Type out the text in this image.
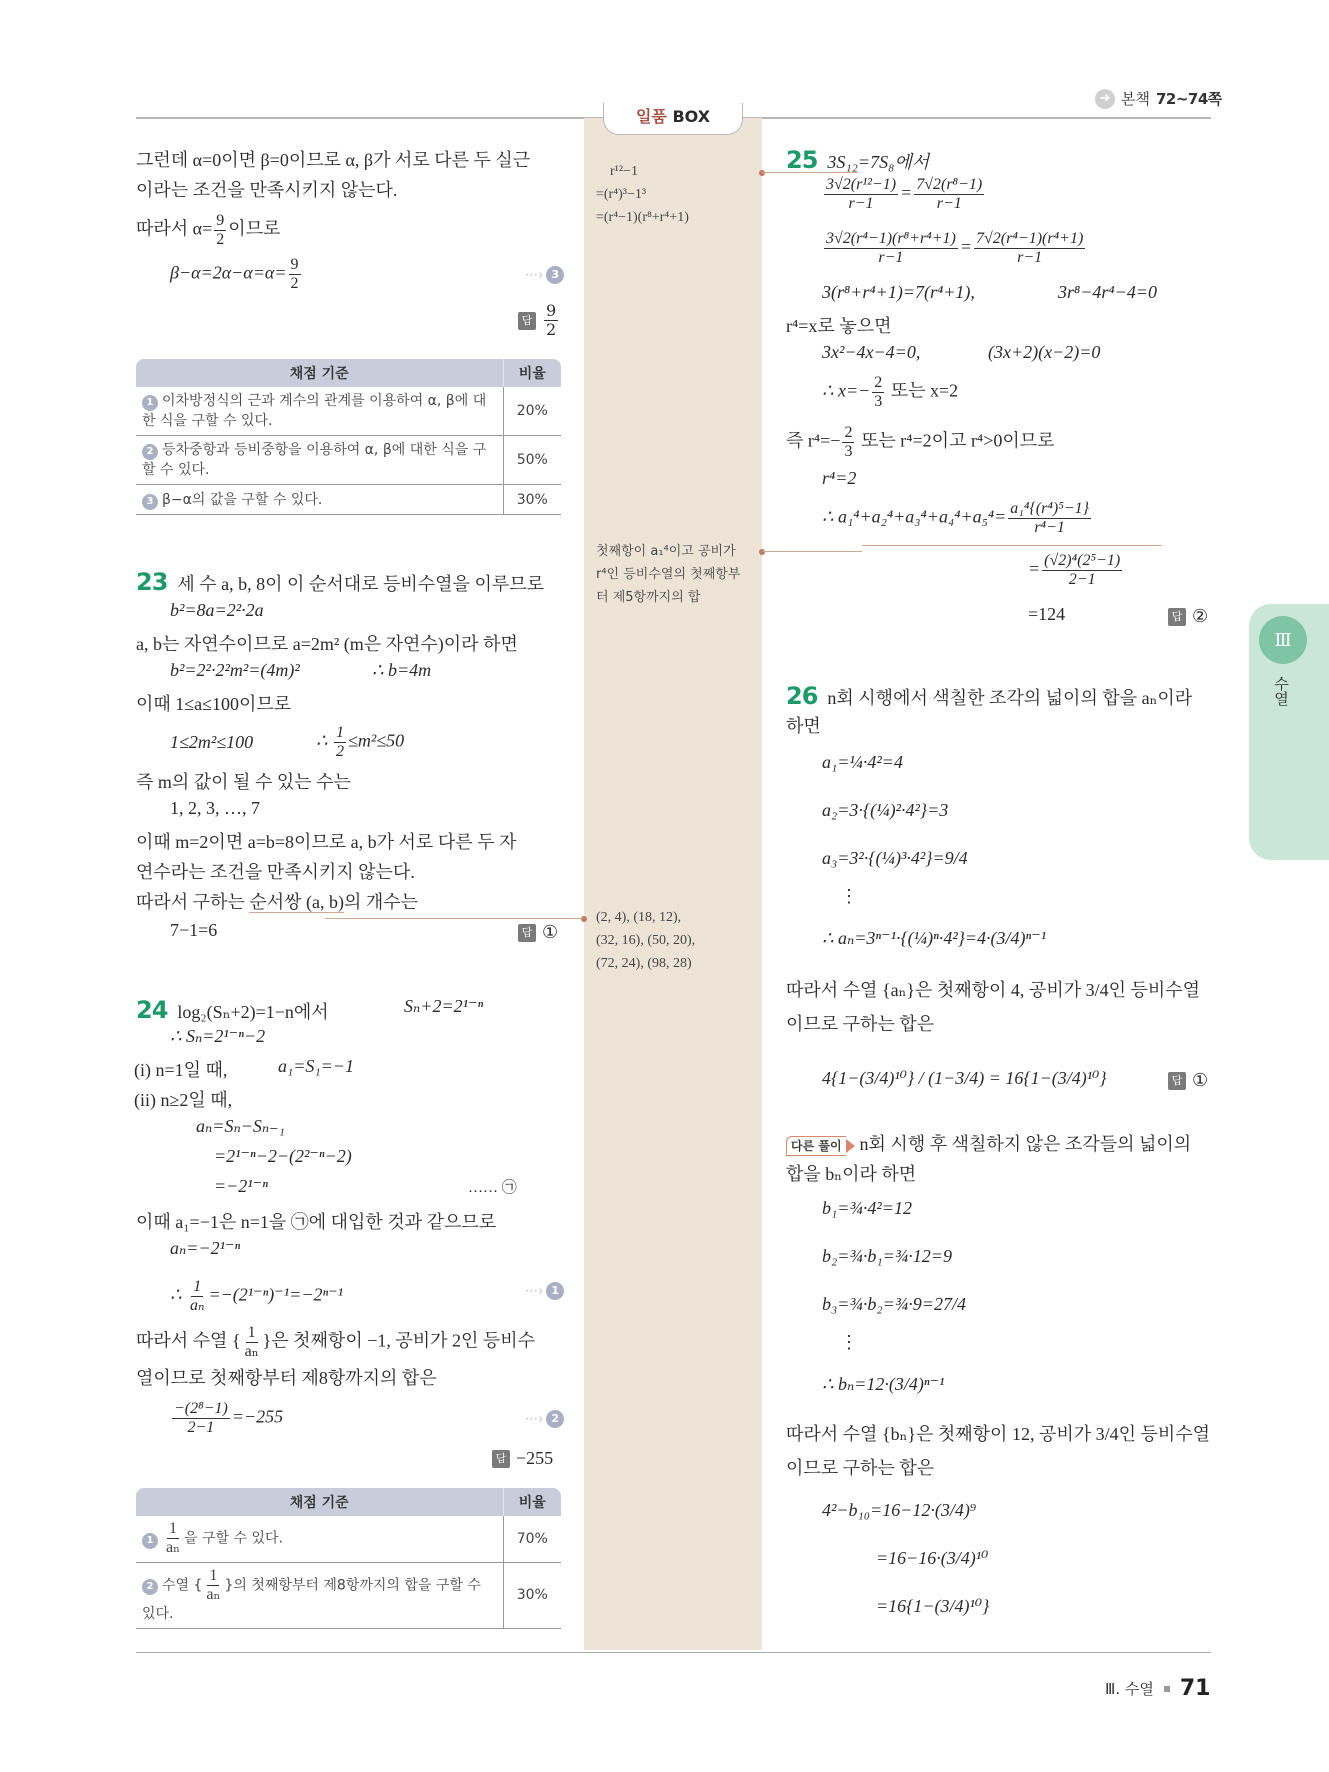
➜ 본책 72~74쪽
일품 BOX
r¹²−1
=(r⁴)³−1³
=(r⁴−1)(r⁸+r⁴+1)
첫째항이 a₁⁴이고 공비가
r⁴인 등비수열의 첫째항부
터 제5항까지의 합
(2, 4), (18, 12),
(32, 16), (50, 20),
(72, 24), (98, 28)
그런데 α=0이면 β=0이므로 α, β가 서로 다른 두 실근
이라는 조건을 만족시키지 않는다.
따라서 $\alpha= \frac{9}{2}$ 이므로
$\beta-\alpha=2\alpha-\alpha=\alpha= \frac{9}{2}$	⋯› 3
답 $\frac{9}{2}$
채점 기준	비율
1 이차방정식의 근과 계수의 관계를 이용하여 α, β에 대한 식을 구할 수 있다.	20%
2 등차중항과 등비중항을 이용하여 α, β에 대한 식을 구할 수 있다.	50%
3 β−α의 값을 구할 수 있다.	30%
23 세 수 a, b, 8이 이 순서대로 등비수열을 이루므로
b²=8a=2²·2a
a, b는 자연수이므로 a=2m² (m은 자연수)이라 하면
b²=2²·2²m²=(4m)²	∴ b=4m
이때 1≤a≤100이므로
1≤2m²≤100	∴ $\frac{1}{2} \le m^2\le 50$
즉 m의 값이 될 수 있는 수는
1, 2, 3, …, 7
이때 m=2이면 a=b=8이므로 a, b가 서로 다른 두 자
연수라는 조건을 만족시키지 않는다.
따라서 구하는 순서쌍 (a, b)의 개수는
7−1=6	답 ①
24 log₂(Sₙ+2)=1−n에서	Sₙ+2=2¹⁻ⁿ
∴ Sₙ=2¹⁻ⁿ−2
(i) n=1일 때,	a₁=S₁=−1
(ii) n≥2일 때,
aₙ=Sₙ−Sₙ₋₁
=2¹⁻ⁿ−2−(2²⁻ⁿ−2)
=−2¹⁻ⁿ	…… ㉠
이때 a₁=−1은 n=1을 ㉠에 대입한 것과 같으므로
aₙ=−2¹⁻ⁿ
∴ $\frac{1}{\text{aₙ}} =-(2^{1-n})^{-1}=-2^{n-1}$	⋯› 1
따라서 수열 { $\frac{1}{\text{aₙ}}$ }은 첫째항이 −1, 공비가 2인 등비수
열이므로 첫째항부터 제8항까지의 합은
$\frac{\text{−(2⁸−1)}}{2-1} =-255$	⋯› 2
답 −255
채점 기준	비율
$1 \frac{1}{\text{aₙ}}$ 을 구할 수 있다.	70%
2 수열 { $\frac{1}{\text{aₙ}}$ }의 첫째항부터 제8항까지의 합을 구할 수 있다.	30%
25 3S₁₂=7S₈에서
$\frac{\text{3√2(r¹²−1)}}{r-1} = \frac{\text{7√2(r⁸−1)}}{r-1}$
$\frac{\text{3√2(r⁴−1)(r⁸+r⁴+1)}}{r-1} = \frac{\text{7√2(r⁴−1)(r⁴+1)}}{r-1}$
3(r⁸+r⁴+1)=7(r⁴+1),	3r⁸−4r⁴−4=0
r⁴=x로 놓으면
3x²−4x−4=0,	(3x+2)(x−2)=0
∴ $x=- \frac{2}{3}$ 또는 x=2
즉 $r^4=- \frac{2}{3}$ 또는 r⁴=2이고 r⁴>0이므로
r⁴=2
∴ $a_1^4+a_2^4+a_3^4+a_4^4+a_5^4= \frac{\text{a₁⁴\{(r⁴)⁵−1\}}}{\text{r⁴−1}}$
= $\frac{\text{(√2)⁴(2⁵−1)}}{2-1}$
=124	답 ②
26 n회 시행에서 색칠한 조각의 넓이의 합을 aₙ이라
하면
a₁=¼·4²=4
a₂=3·{(¼)²·4²}=3
a₃=3²·{(¼)³·4²}=9/4
⋮
∴ aₙ=3ⁿ⁻¹·{(¼)ⁿ·4²}=4·(3/4)ⁿ⁻¹
따라서 수열 {aₙ}은 첫째항이 4, 공비가 3/4인 등비수열
이므로 구하는 합은
4{1−(3/4)¹⁰} / (1−3/4) = 16{1−(3/4)¹⁰}	답 ①
다른 풀이 n회 시행 후 색칠하지 않은 조각들의 넓이의
합을 bₙ이라 하면
b₁=¾·4²=12
b₂=¾·b₁=¾·12=9
b₃=¾·b₂=¾·9=27/4
⋮
∴ bₙ=12·(3/4)ⁿ⁻¹
따라서 수열 {bₙ}은 첫째항이 12, 공비가 3/4인 등비수열
이므로 구하는 합은
4²−b₁₀=16−12·(3/4)⁹
=16−16·(3/4)¹⁰
=16{1−(3/4)¹⁰}
Ⅲ
수열
Ⅲ. 수열 71
